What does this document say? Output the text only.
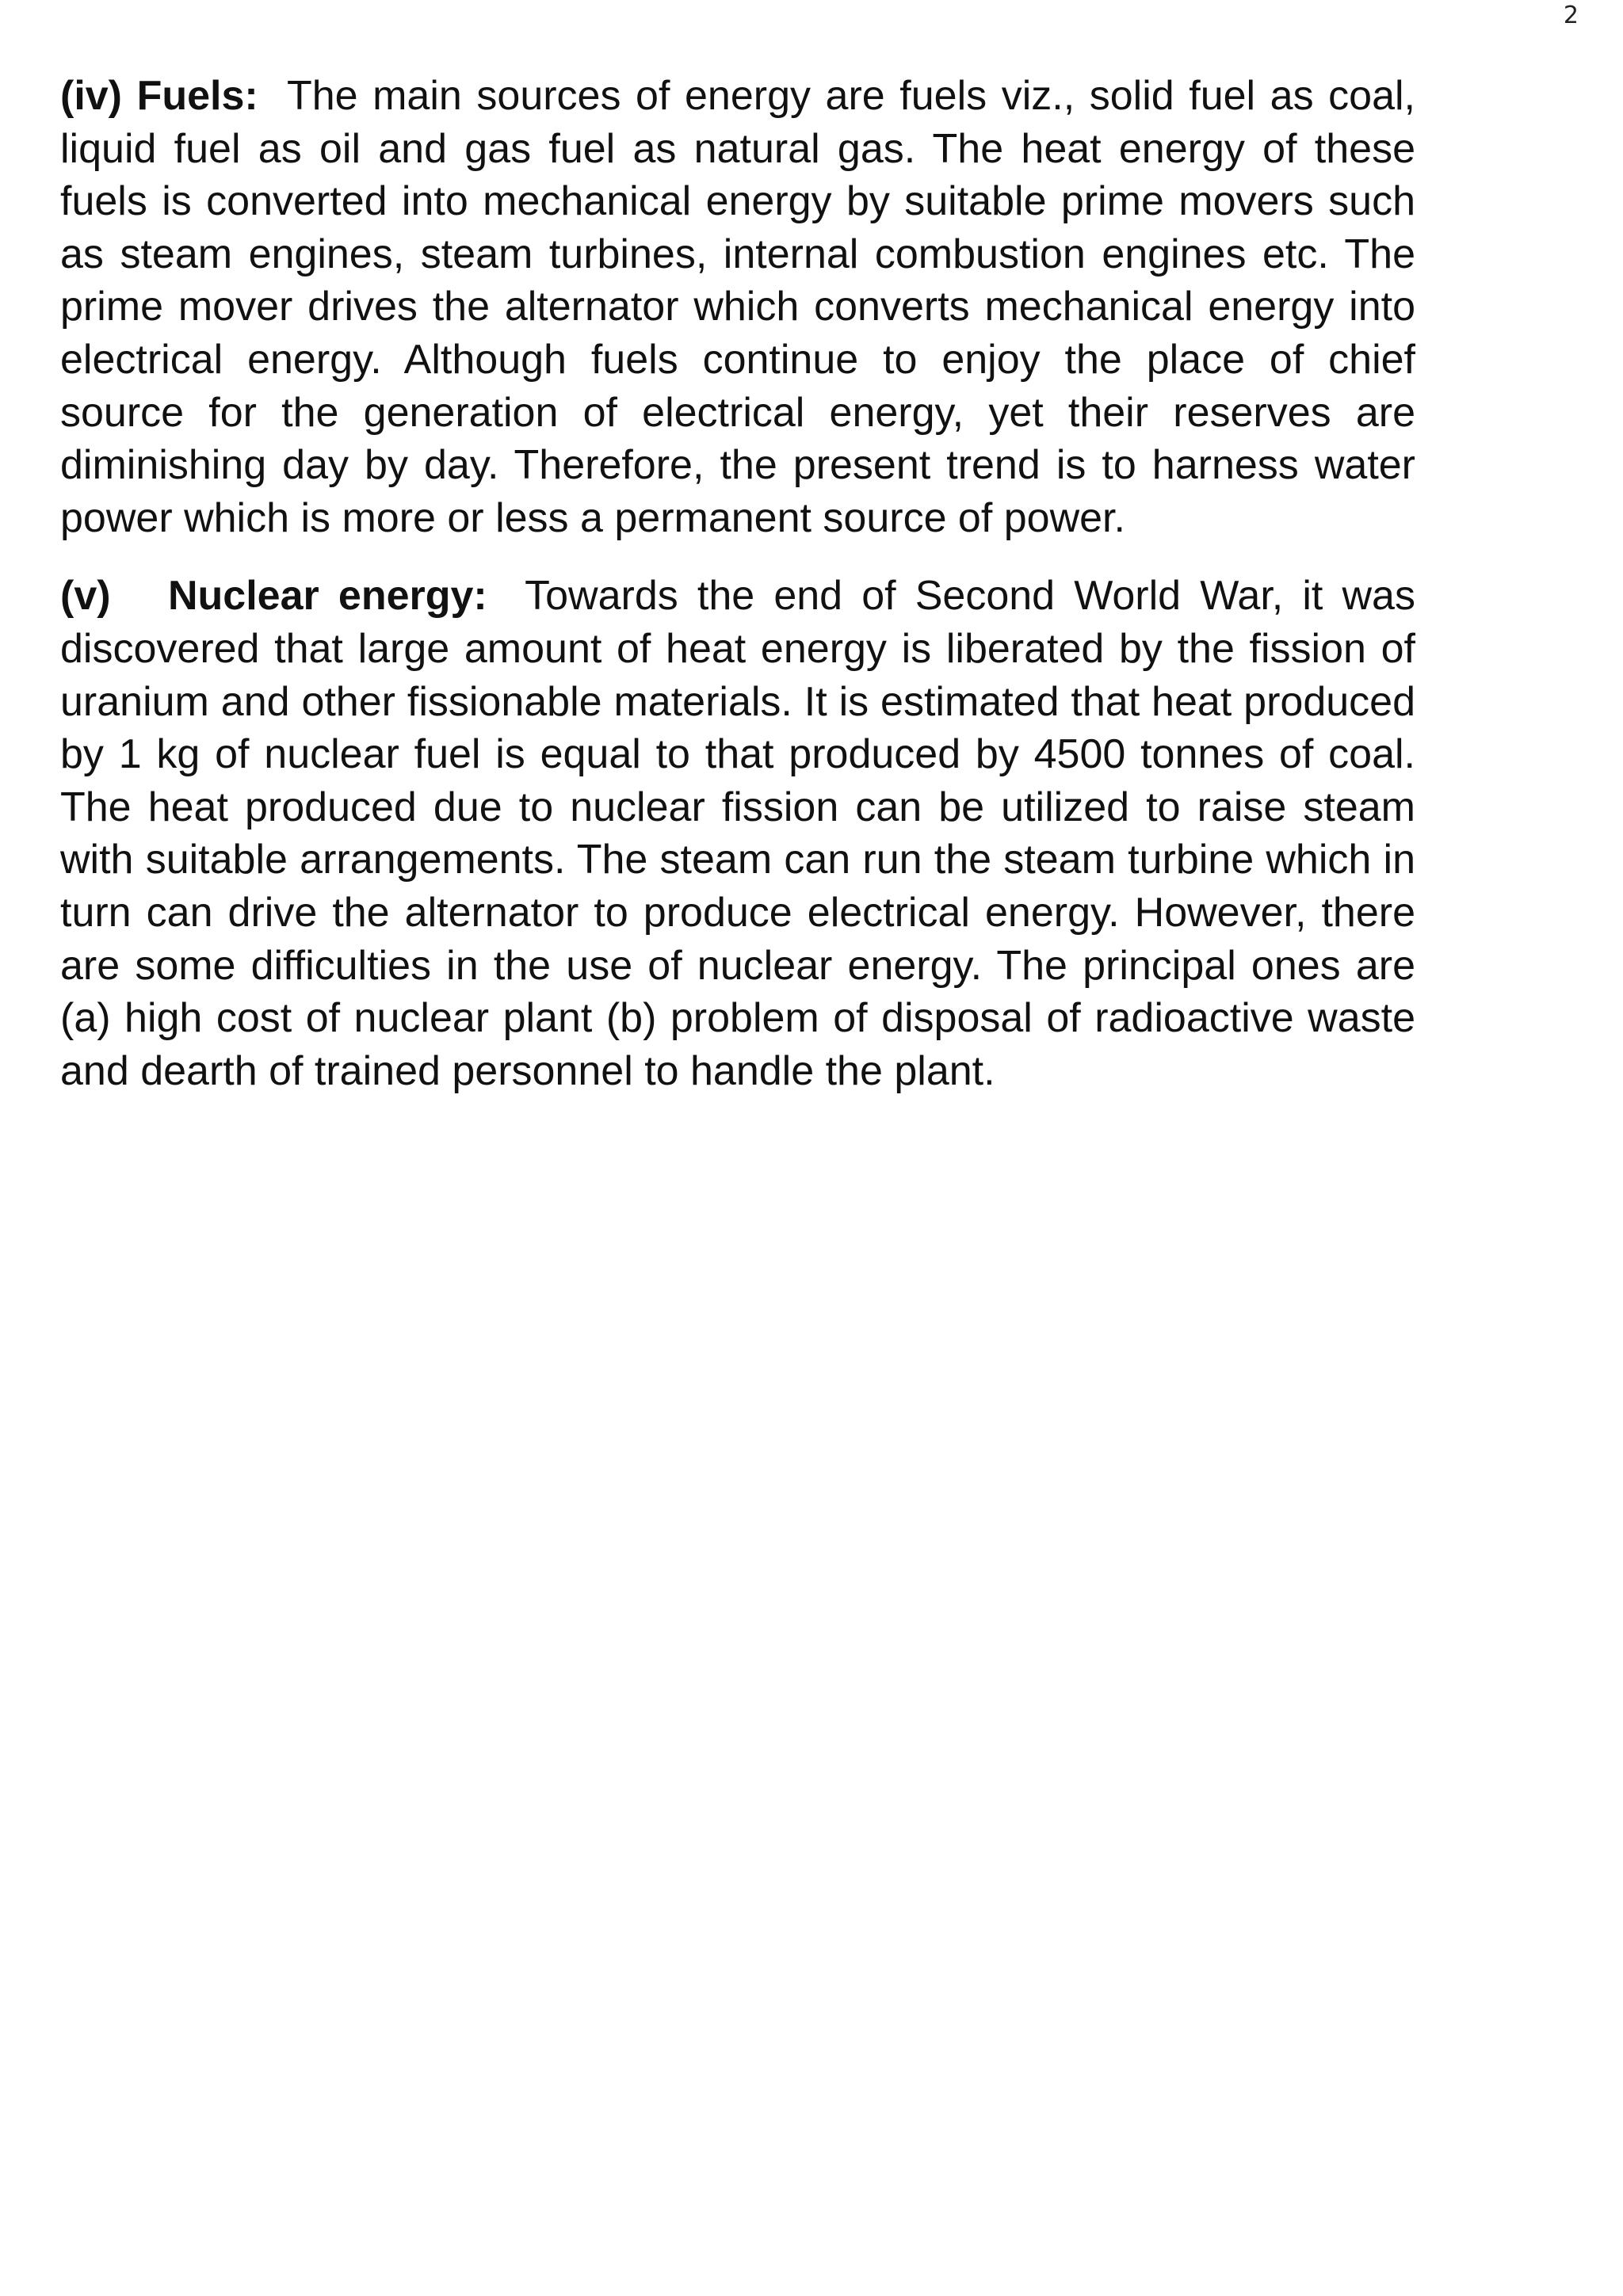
2

(iv) Fuels: The main sources of energy are fuels viz., solid fuel as coal, liquid fuel as oil and gas fuel as natural gas. The heat energy of these fuels is converted into mechanical energy by suitable prime movers such as steam engines, steam turbines, internal combustion engines etc. The prime mover drives the alternator which converts mechanical energy into electrical energy. Although fuels continue to enjoy the place of chief source for the generation of electrical energy, yet their reserves are diminishing day by day. Therefore, the present trend is to harness water power which is more or less a permanent source of power.

(v)   Nuclear energy: Towards the end of Second World War, it was discovered that large amount of heat energy is liberated by the fission of uranium and other fissionable materials. It is estimated that heat produced by 1 kg of nuclear fuel is equal to that produced by 4500 tonnes of coal. The heat produced due to nuclear fission can be utilized to raise steam with suitable arrangements. The steam can run the steam turbine which in turn can drive the alternator to produce electrical energy. However, there are some difficulties in the use of nuclear energy. The principal ones are (a) high cost of nuclear plant (b) problem of disposal of radioactive waste and dearth of trained personnel to handle the plant.
